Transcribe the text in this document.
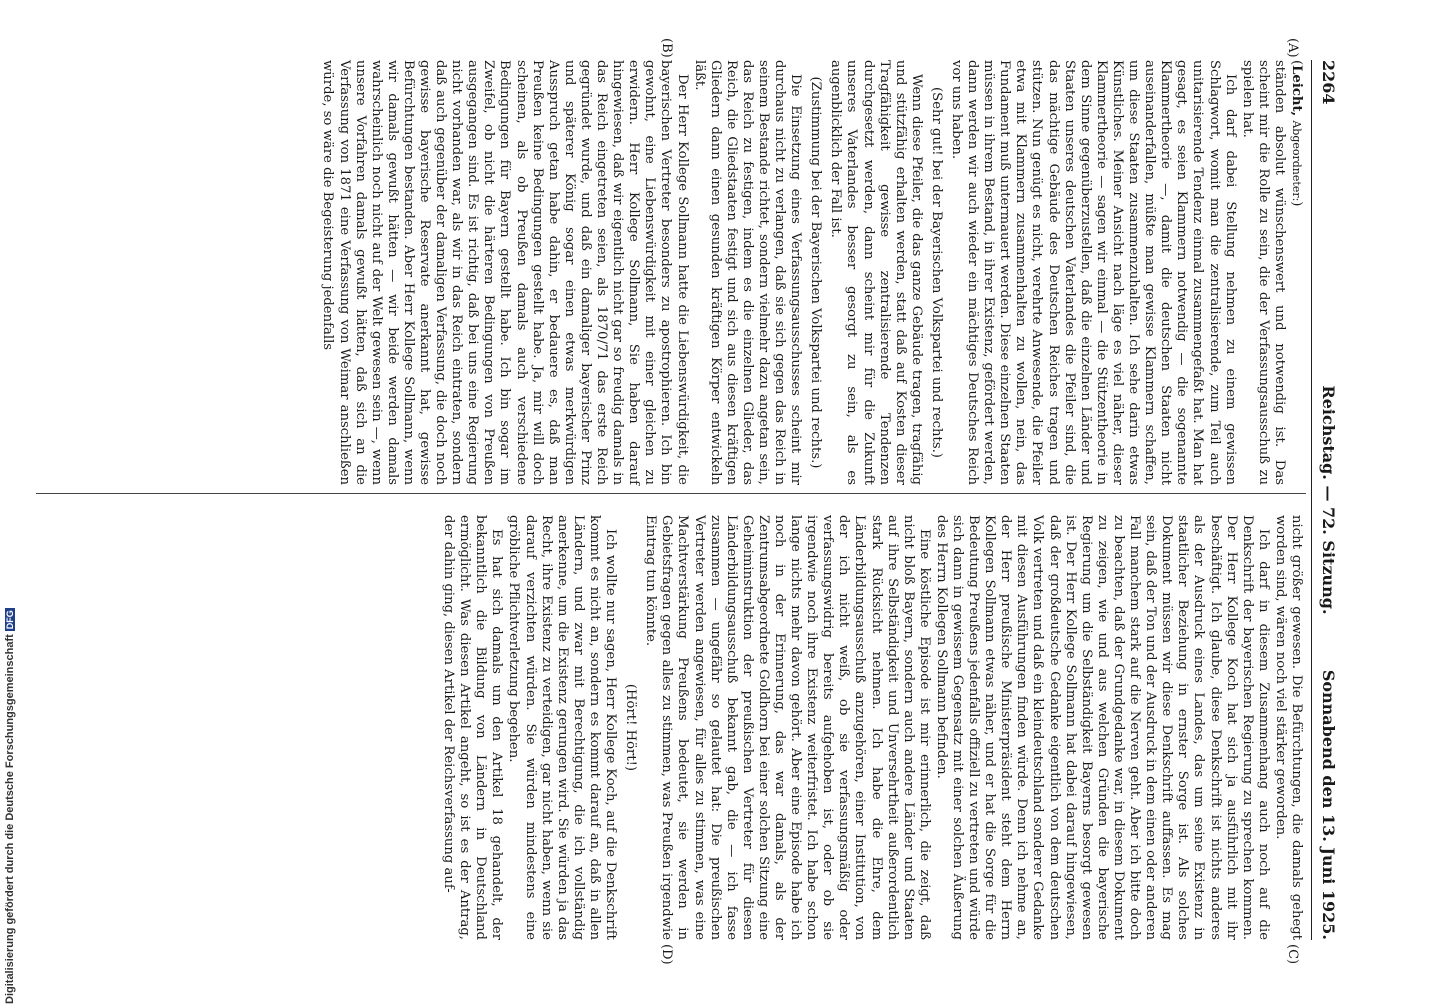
2264
Reichstag. — 72. Sitzung.
Sonnabend den 13. Juni 1925.
(A)
(B)
(C)
(D)

(Leicht, Abgeordneter:)

ständen absolut wünschenswert und notwendig ist. Das scheint mir die Rolle zu sein, die der Verfassungsausschuß zu spielen hat.

Ich darf dabei Stellung nehmen zu einem gewissen Schlagwort, womit man die zentralisierende, zum Teil auch unitarisierende Tendenz einmal zusammengefaßt hat. Man hat gesagt, es seien Klammern notwendig — die sogenannte Klammertheorie —, damit die deutschen Staaten nicht auseinanderfallen, müßte man gewisse Klammern schaffen, um diese Staaten zusammenzuhalten. Ich sehe darin etwas Künstliches. Meiner Ansicht nach läge es viel näher, dieser Klammertheorie — sagen wir einmal — die Stützentheorie in dem Sinne gegenüberzustellen, daß die einzelnen Länder und Staaten unseres deutschen Vaterlandes die Pfeiler sind, die das mächtige Gebäude des Deutschen Reiches tragen und stützen. Nun genügt es nicht, verehrte Anwesende, die Pfeiler etwa mit Klammern zusammenhalten zu wollen, nein, das Fundament muß untermauert werden. Diese einzelnen Staaten müssen in ihrem Bestand, in ihrer Existenz, gefördert werden, dann werden wir auch wieder ein mächtiges Deutsches Reich vor uns haben.

(Sehr gut! bei der Bayerischen Volkspartei und rechts.)

Wenn diese Pfeiler, die das ganze Gebäude tragen, tragfähig und stützfähig erhalten werden, statt daß auf Kosten dieser Tragfähigkeit gewisse zentralisierende Tendenzen durchgesetzt werden, dann scheint mir für die Zukunft unseres Vaterlandes besser gesorgt zu sein, als es augenblicklich der Fall ist.

(Zustimmung bei der Bayerischen Volkspartei und rechts.)

Die Einsetzung eines Verfassungsausschusses scheint mir durchaus nicht zu verlangen, daß sie sich gegen das Reich in seinem Bestande richtet, sondern vielmehr dazu angetan sein, das Reich zu festigen, indem es die einzelnen Glieder, das Reich, die Gliedstaaten festigt und sich aus diesen kräftigen Gliedern dann einen gesunden kräftigen Körper entwickeln läßt.

Der Herr Kollege Sollmann hatte die Liebenswürdigkeit, die bayerischen Vertreter besonders zu apostrophieren. Ich bin gewohnt, eine Liebenswürdigkeit mit einer gleichen zu erwidern. Herr Kollege Sollmann, Sie haben darauf hingewiesen, daß wir eigentlich nicht gar so freudig damals in das Reich eingetreten seien, als 1870/71 das erste Reich gegründet wurde, und daß ein damaliger bayerischer Prinz und späterer König sogar einen etwas merkwürdigen Ausspruch getan habe dahin, er bedauere es, daß man Preußen keine Bedingungen gestellt habe. Ja, mir will doch scheinen, als ob Preußen damals auch verschiedene Bedingungen für Bayern gestellt habe. Ich bin sogar im Zweifel, ob nicht die härteren Bedingungen von Preußen ausgegangen sind. Es ist richtig, daß bei uns eine Regierung nicht vorhanden war, als wir in das Reich eintraten, sondern daß auch gegenüber der damaligen Verfassung, die doch noch gewisse bayerische Reservate anerkannt hat, gewisse Befürchtungen bestanden. Aber Herr Kollege Sollmann, wenn wir damals gewußt hätten — wir beide werden damals wahrscheinlich noch nicht auf der Welt gewesen sein —, wenn unsere Vorfahren damals gewußt hätten, daß sich an die Verfassung von 1871 eine Verfassung von Weimar anschließen würde, so wäre die Begeisterung jedenfalls

nicht größer gewesen. Die Befürchtungen, die damals gehegt worden sind, wären noch viel stärker geworden.

Ich darf in diesem Zusammenhang auch noch auf die Denkschrift der bayerischen Regierung zu sprechen kommen. Der Herr Kollege Koch hat sich ja ausführlich mit ihr beschäftigt. Ich glaube, diese Denkschrift ist nichts anderes als der Ausdruck eines Landes, das um seine Existenz in staatlicher Beziehung in ernster Sorge ist. Als solches Dokument müssen wir diese Denkschrift auffassen. Es mag sein, daß der Ton und der Ausdruck in dem einen oder anderen Fall manchem stark auf die Nerven geht. Aber ich bitte doch zu beachten, daß der Grundgedanke war, in diesem Dokument zu zeigen, wie und aus welchen Gründen die bayerische Regierung um die Selbständigkeit Bayerns besorgt gewesen ist. Der Herr Kollege Sollmann hat dabei darauf hingewiesen, daß der großdeutsche Gedanke eigentlich von dem deutschen Volk vertreten und daß ein kleindeutschland sonderer Gedanke mit diesen Ausführungen finden würde. Denn ich nehme an, der Herr preußische Ministerpräsident steht dem Herrn Kollegen Sollmann etwas näher, und er hat die Sorge für die Bedeutung Preußens jedenfalls offiziell zu vertreten und würde sich dann in gewissem Gegensatz mit einer solchen Äußerung des Herrn Kollegen Sollmann befinden.

Eine köstliche Episode ist mir erinnerlich, die zeigt, daß nicht bloß Bayern, sondern auch andere Länder und Staaten auf ihre Selbständigkeit und Unversehrtheit außerordentlich stark Rücksicht nehmen. Ich habe die Ehre, dem Länderbildungsausschuß anzugehören, einer Institution, von der ich nicht weiß, ob sie verfassungsmäßig oder verfassungswidrig bereits aufgehoben ist, oder ob sie irgendwie noch ihre Existenz weiterfristet. Ich habe schon lange nichts mehr davon gehört. Aber eine Episode habe ich noch in der Erinnerung, das war damals, als der Zentrumsabgeordnete Goldhorn bei einer solchen Sitzung eine Geheiminstruktion der preußischen Vertreter für diesen Länderbildungsausschuß bekannt gab, die — ich fasse zusammen — ungefähr so gelautet hat: Die preußischen Vertreter werden angewiesen, für alles zu stimmen, was eine Machtverstärkung Preußens bedeutet, sie werden in Gebietsfragen gegen alles zu stimmen, was Preußen irgendwie Eintrag tun könnte.

(Hört! Hört!)

Ich wollte nur sagen, Herr Kollege Koch, auf die Denkschrift kommt es nicht an, sondern es kommt darauf an, daß in allen Ländern, und zwar mit Berechtigung, die ich vollständig anerkenne, um die Existenz gerungen wird. Sie würden ja das Recht, ihre Existenz zu verteidigen, gar nicht haben, wenn sie darauf verzichten würden. Sie würden mindestens eine gröbliche Pflichtverletzung begehen.

Es hat sich damals um den Artikel 18 gehandelt, der bekanntlich die Bildung von Ländern in Deutschland ermöglicht. Was diesen Artikel angeht, so ist es der Antrag, der dahin ging, diesen Artikel der Reichsverfassung auf-

Digitalisierung gefördert durch die Deutsche ForschungsgemeinschaftDFG
